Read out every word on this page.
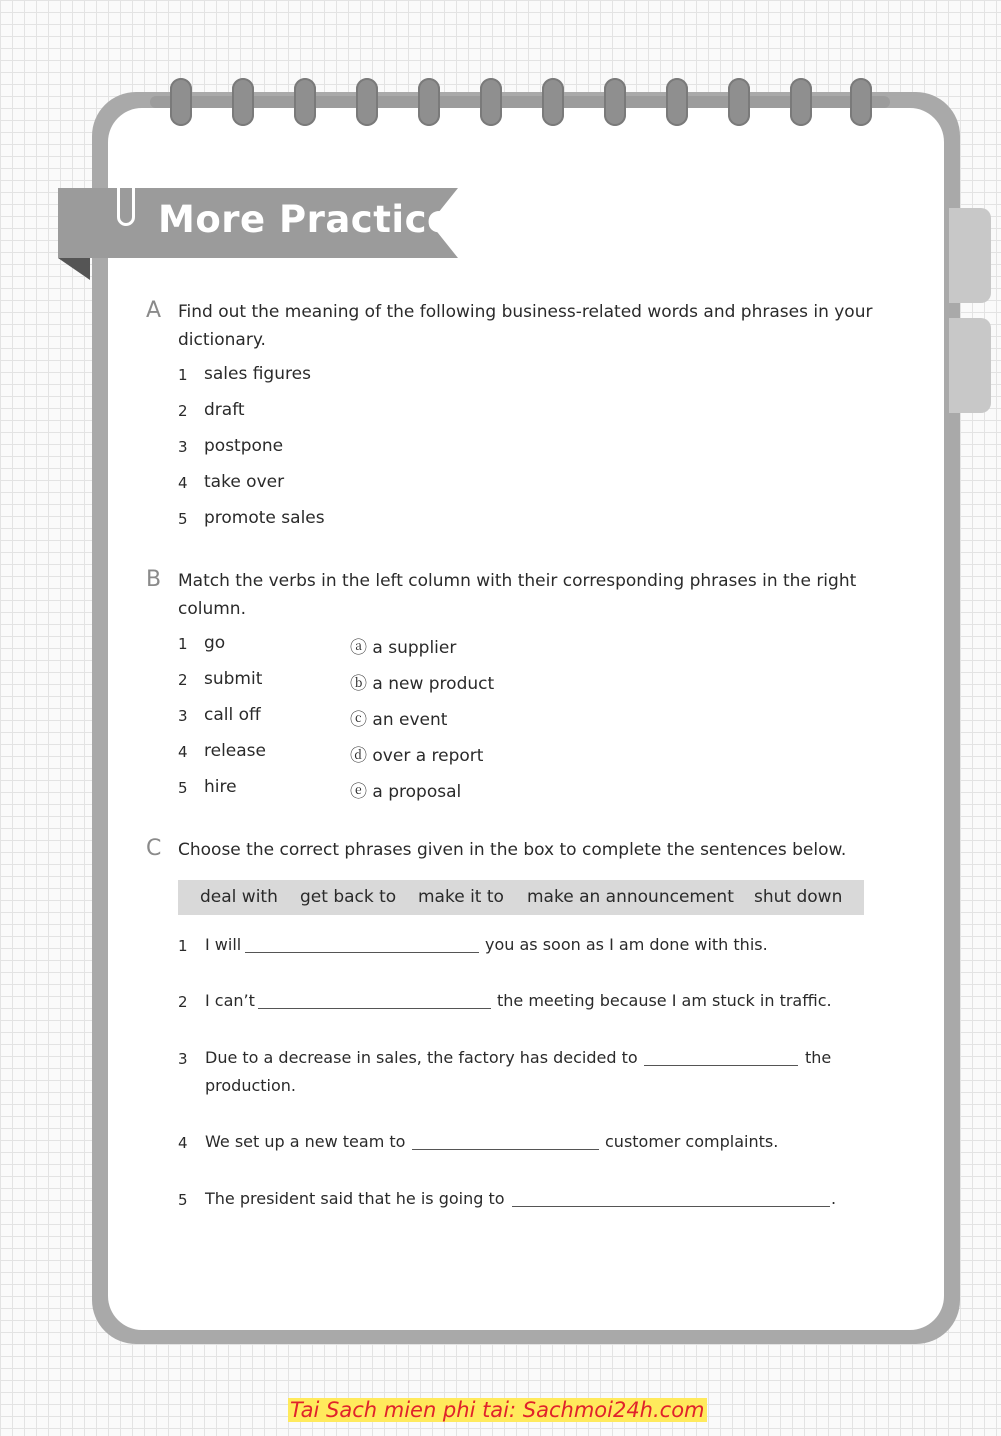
More Practice
A Find out the meaning of the following business-related words and phrases in your dictionary.
1 sales figures
2 draft
3 postpone
4 take over
5 promote sales
B Match the verbs in the left column with their corresponding phrases in the right column.
1 go	ⓐ a supplier
2 submit	ⓑ a new product
3 call off	ⓒ an event
4 release	ⓓ over a report
5 hire	ⓔ a proposal
C Choose the correct phrases given in the box to complete the sentences below.
deal with get back to make it to make an announcement shut down
1 I will	you as soon as I am done with this.
2 I can’t	the meeting because I am stuck in traffic.
3 Due to a decrease in sales, the factory has decided to	the
production.
4 We set up a new team to	customer complaints.
5 The president said that he is going to	.
Tai Sach mien phi tai: Sachmoi24h.com
